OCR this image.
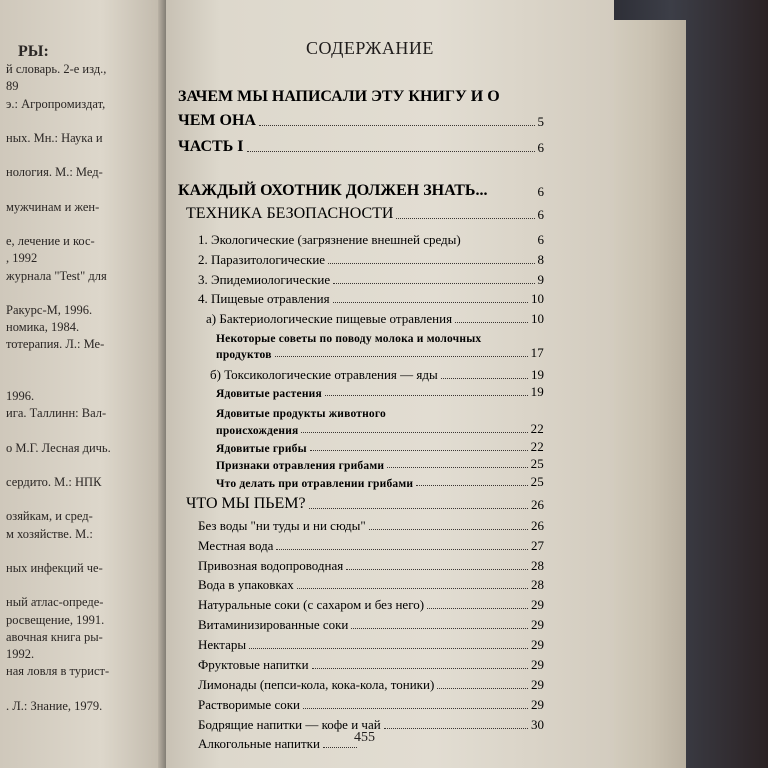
РЫ:
й словарь. 2-е изд.,
89
э.: Агропромиздат,
ных. Мн.: Наука и
нология. М.: Мед-
мужчинам и жен-
е, лечение и кос-
, 1992
журнала "Test" для
Ракурс-М, 1996.
номика, 1984.
тотерапия. Л.: Ме-
1996.
ига. Таллинн: Вал-
о М.Г. Лесная дичь.
сердито. М.: НПК
озяйкам, и сред-
м хозяйстве. М.:
ных инфекций че-
ный атлас-опреде-
росвещение, 1991.
авочная книга ры-
1992.
ная ловля в турист-
. Л.: Знание, 1979.
СОДЕРЖАНИЕ
ЗАЧЕМ МЫ НАПИСАЛИ ЭТУ КНИГУ И О
ЧЕМ ОНА	5
ЧАСТЬ I	6
КАЖДЫЙ ОХОТНИК ДОЛЖЕН ЗНАТЬ...	6
ТЕХНИКА БЕЗОПАСНОСТИ	6
1. Экологические (загрязнение внешней среды)	6
2. Паразитологические	8
3. Эпидемиологические	9
4. Пищевые отравления	10
а) Бактериологические пищевые отравления	10
Некоторые советы по поводу молока и молочных
продуктов	17
б) Токсикологические отравления — яды	19
Ядовитые растения	19
Ядовитые продукты животного
происхождения	22
Ядовитые грибы	22
Признаки отравления грибами	25
Что делать при отравлении грибами	25
ЧТО МЫ ПЬЕМ?	26
Без воды "ни туды и ни сюды"	26
Местная вода	27
Привозная водопроводная	28
Вода в упаковках	28
Натуральные соки (с сахаром и без него)	29
Витаминизированные соки	29
Нектары	29
Фруктовые напитки	29
Лимонады (пепси-кола, кока-кола, тоники)	29
Растворимые соки	29
Бодрящие напитки — кофе и чай	30
Алкогольные напитки 455
